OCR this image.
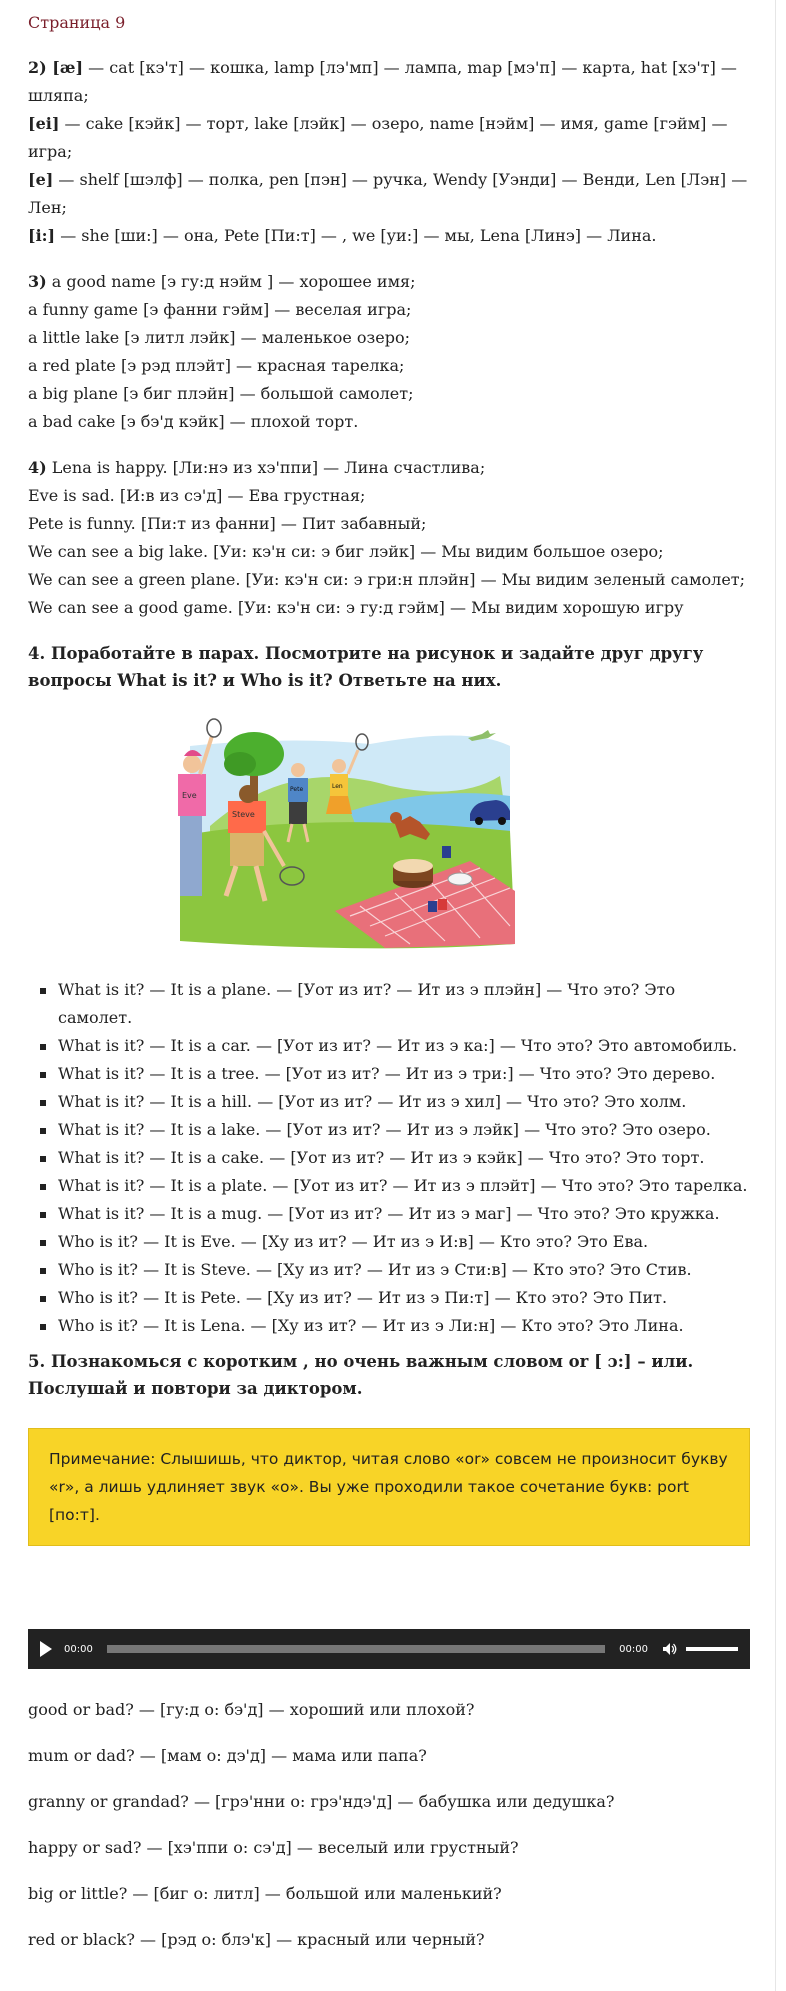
Страница 9

2) [æ] — cat [кэ'т] — кошка, lamp [лэ'мп] — лампа, map [мэ'п] — карта, hat [хэ'т] — шляпа;

[ei] — cake [кэйк] — торт, lake [лэйк] — озеро, name [нэйм] — имя, game [гэйм] — игра;

[e] — shelf [шэлф] — полка, pen [пэн] — ручка, Wendy [Уэнди] — Венди, Len [Лэн] — Лен;

[i:] — she [ши:] — она, Pete [Пи:т] — , we [уи:] — мы, Lena [Линэ] — Лина.

3) a good name [э гу:д нэйм ] — хорошее имя;

a funny game [э фанни гэйм] — веселая игра;

a little lake [э литл лэйк] — маленькое озеро;

a red plate [э рэд плэйт] — красная тарелка;

a big plane [э биг плэйн] — большой самолет;

a bad cake [э бэ'д кэйк] — плохой торт.

4) Lena is happy. [Ли:нэ из хэ'ппи] — Лина счастлива;

Eve is sad. [И:в из сэ'д] — Ева грустная;

Pete is funny. [Пи:т из фанни] — Пит забавный;

We can see a big lake. [Уи: кэ'н си: э биг лэйк] — Мы видим большое озеро;

We can see a green plane. [Уи: кэ'н си: э гри:н плэйн] — Мы видим зеленый самолет;

We can see a good game. [Уи: кэ'н си: э гу:д гэйм] — Мы видим хорошую игру

4. Поработайте в парах. Посмотрите на рисунок и задайте друг другу вопросы What is it? и Who is it? Ответьте на них.

Eve
Steve
Pete	Len
What is it? — It is a plane. — [Уот из ит? — Ит из э плэйн] — Что это? Это самолет.
What is it? — It is a car. — [Уот из ит? — Ит из э ка:] — Что это? Это автомобиль.
What is it? — It is a tree. — [Уот из ит? — Ит из э три:] — Что это? Это дерево.
What is it? — It is a hill. — [Уот из ит? — Ит из э хил] — Что это? Это холм.
What is it? — It is a lake. — [Уот из ит? — Ит из э лэйк] — Что это? Это озеро.
What is it? — It is a cake. — [Уот из ит? — Ит из э кэйк] — Что это? Это торт.
What is it? — It is a plate. — [Уот из ит? — Ит из э плэйт] — Что это? Это тарелка.
What is it? — It is a mug. — [Уот из ит? — Ит из э маг] — Что это? Это кружка.
Who is it? — It is Eve. — [Ху из ит? — Ит из э И:в] — Кто это? Это Ева.
Who is it? — It is Steve. — [Ху из ит? — Ит из э Сти:в] — Кто это? Это Стив.
Who is it? — It is Pete. — [Ху из ит? — Ит из э Пи:т] — Кто это? Это Пит.
Who is it? — It is Lena. — [Ху из ит? — Ит из э Ли:н] — Кто это? Это Лина.

5. Познакомься с коротким , но очень важным словом or [ ɔ:] – или. Послушай и повтори за диктором.

Примечание: Слышишь, что диктор, читая слово «or» совсем не произносит букву «r», а лишь удлиняет звук «о». Вы уже проходили такое сочетание букв: port [по:т].
00:00	00:00

good or bad? — [гу:д о: бэ'д] — хороший или плохой?

mum or dad? — [мам о: дэ'д] — мама или папа?

granny or grandad? — [грэ'нни о: грэ'ндэ'д] — бабушка или дедушка?

happy or sad? — [хэ'ппи о: сэ'д] — веселый или грустный?

big or little? — [биг о: литл] — большой или маленький?

red or black? — [рэд о: блэ'к] — красный или черный?
